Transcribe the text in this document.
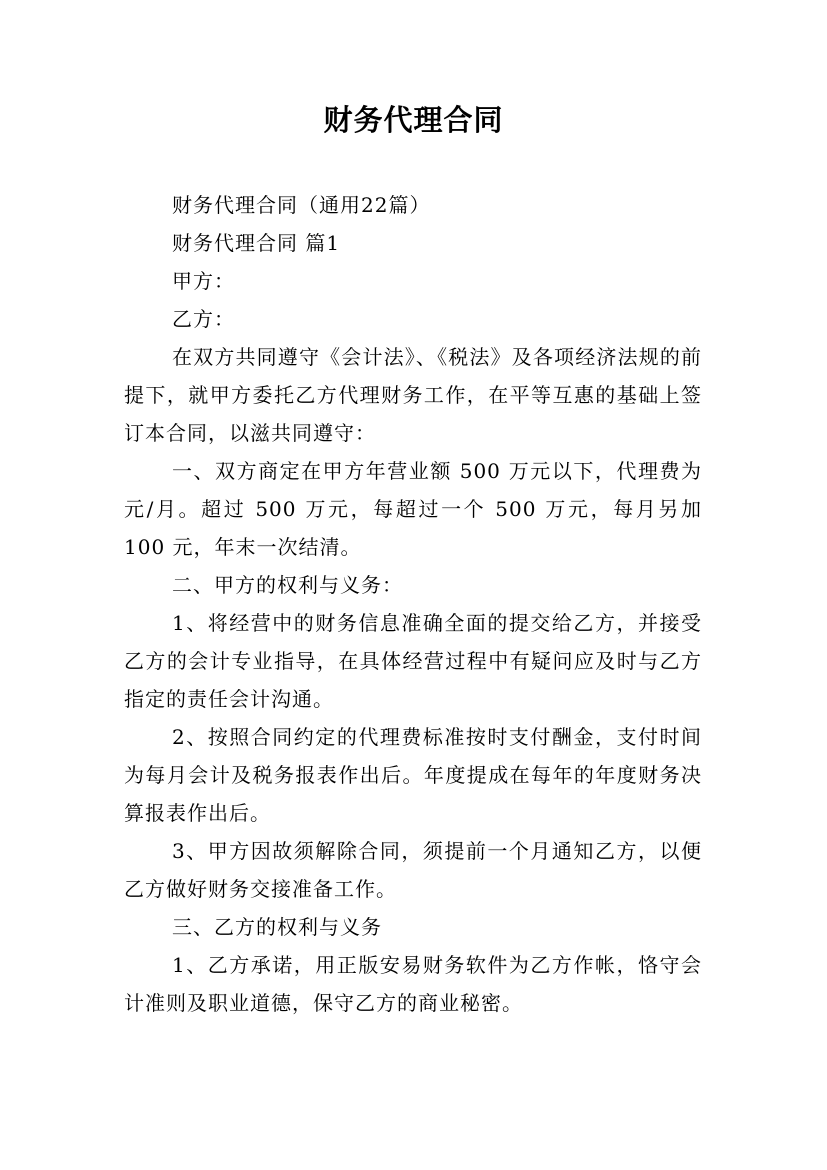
财务代理合同

财务代理合同（通用22篇）

财务代理合同 篇1

甲方：

乙方：

在双方共同遵守《会计法》、《税法》及各项经济法规的前提下，就甲方委托乙方代理财务工作，在平等互惠的基础上签订本合同，以滋共同遵守：

一、双方商定在甲方年营业额 500 万元以下，代理费为 元/月。超过 500 万元，每超过一个 500 万元，每月另加 100 元，年末一次结清。

二、甲方的权利与义务：

1、将经营中的财务信息准确全面的提交给乙方，并接受乙方的会计专业指导，在具体经营过程中有疑问应及时与乙方指定的责任会计沟通。

2、按照合同约定的代理费标准按时支付酬金，支付时间为每月会计及税务报表作出后。年度提成在每年的年度财务决算报表作出后。

3、甲方因故须解除合同，须提前一个月通知乙方，以便乙方做好财务交接准备工作。

三、乙方的权利与义务

1、乙方承诺，用正版安易财务软件为乙方作帐，恪守会计准则及职业道德，保守乙方的商业秘密。
